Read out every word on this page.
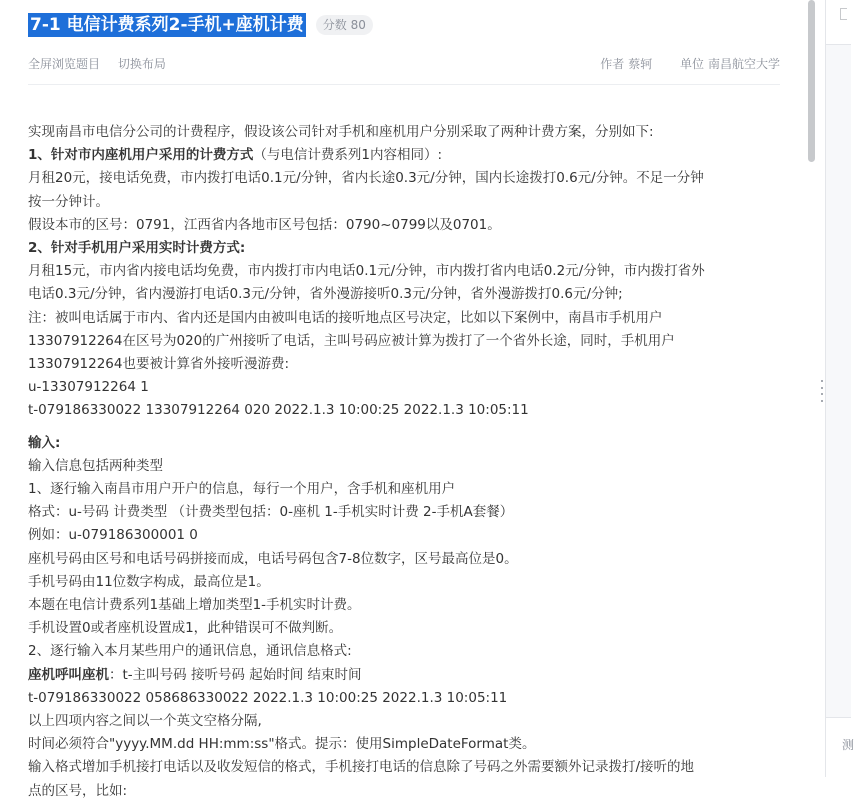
7-1 电信计费系列2-手机+座机计费	分数 80
全屏浏览题目 切换布局	作者 蔡轲 单位 南昌航空大学

实现南昌市电信分公司的计费程序，假设该公司针对手机和座机用户分别采取了两种计费方案，分别如下:

1、针对市内座机用户采用的计费方式（与电信计费系列1内容相同）:

月租20元，接电话免费，市内拨打电话0.1元/分钟，省内长途0.3元/分钟，国内长途拨打0.6元/分钟。不足一分钟

按一分钟计。

假设本市的区号：0791，江西省内各地市区号包括：0790~0799以及0701。

2、针对手机用户采用实时计费方式:

月租15元，市内省内接电话均免费，市内拨打市内电话0.1元/分钟，市内拨打省内电话0.2元/分钟，市内拨打省外

电话0.3元/分钟，省内漫游打电话0.3元/分钟，省外漫游接听0.3元/分钟，省外漫游拨打0.6元/分钟;

注：被叫电话属于市内、省内还是国内由被叫电话的接听地点区号决定，比如以下案例中，南昌市手机用户

13307912264在区号为020的广州接听了电话，主叫号码应被计算为拨打了一个省外长途，同时，手机用户

13307912264也要被计算省外接听漫游费:

u-13307912264 1

t-079186330022 13307912264 020 2022.1.3 10:00:25 2022.1.3 10:05:11

输入:

输入信息包括两种类型

1、逐行输入南昌市用户开户的信息，每行一个用户，含手机和座机用户

格式：u-号码 计费类型 （计费类型包括：0-座机 1-手机实时计费 2-手机A套餐）

例如：u-079186300001 0

座机号码由区号和电话号码拼接而成，电话号码包含7-8位数字，区号最高位是0。

手机号码由11位数字构成，最高位是1。

本题在电信计费系列1基础上增加类型1-手机实时计费。

手机设置0或者座机设置成1，此种错误可不做判断。

2、逐行输入本月某些用户的通讯信息，通讯信息格式:

座机呼叫座机：t-主叫号码 接听号码 起始时间 结束时间

t-079186330022 058686330022 2022.1.3 10:00:25 2022.1.3 10:05:11

以上四项内容之间以一个英文空格分隔,

时间必须符合"yyyy.MM.dd HH:mm:ss"格式。提示：使用SimpleDateFormat类。

输入格式增加手机接打电话以及收发短信的格式，手机接打电话的信息除了号码之外需要额外记录拨打/接听的地

点的区号，比如:

测
